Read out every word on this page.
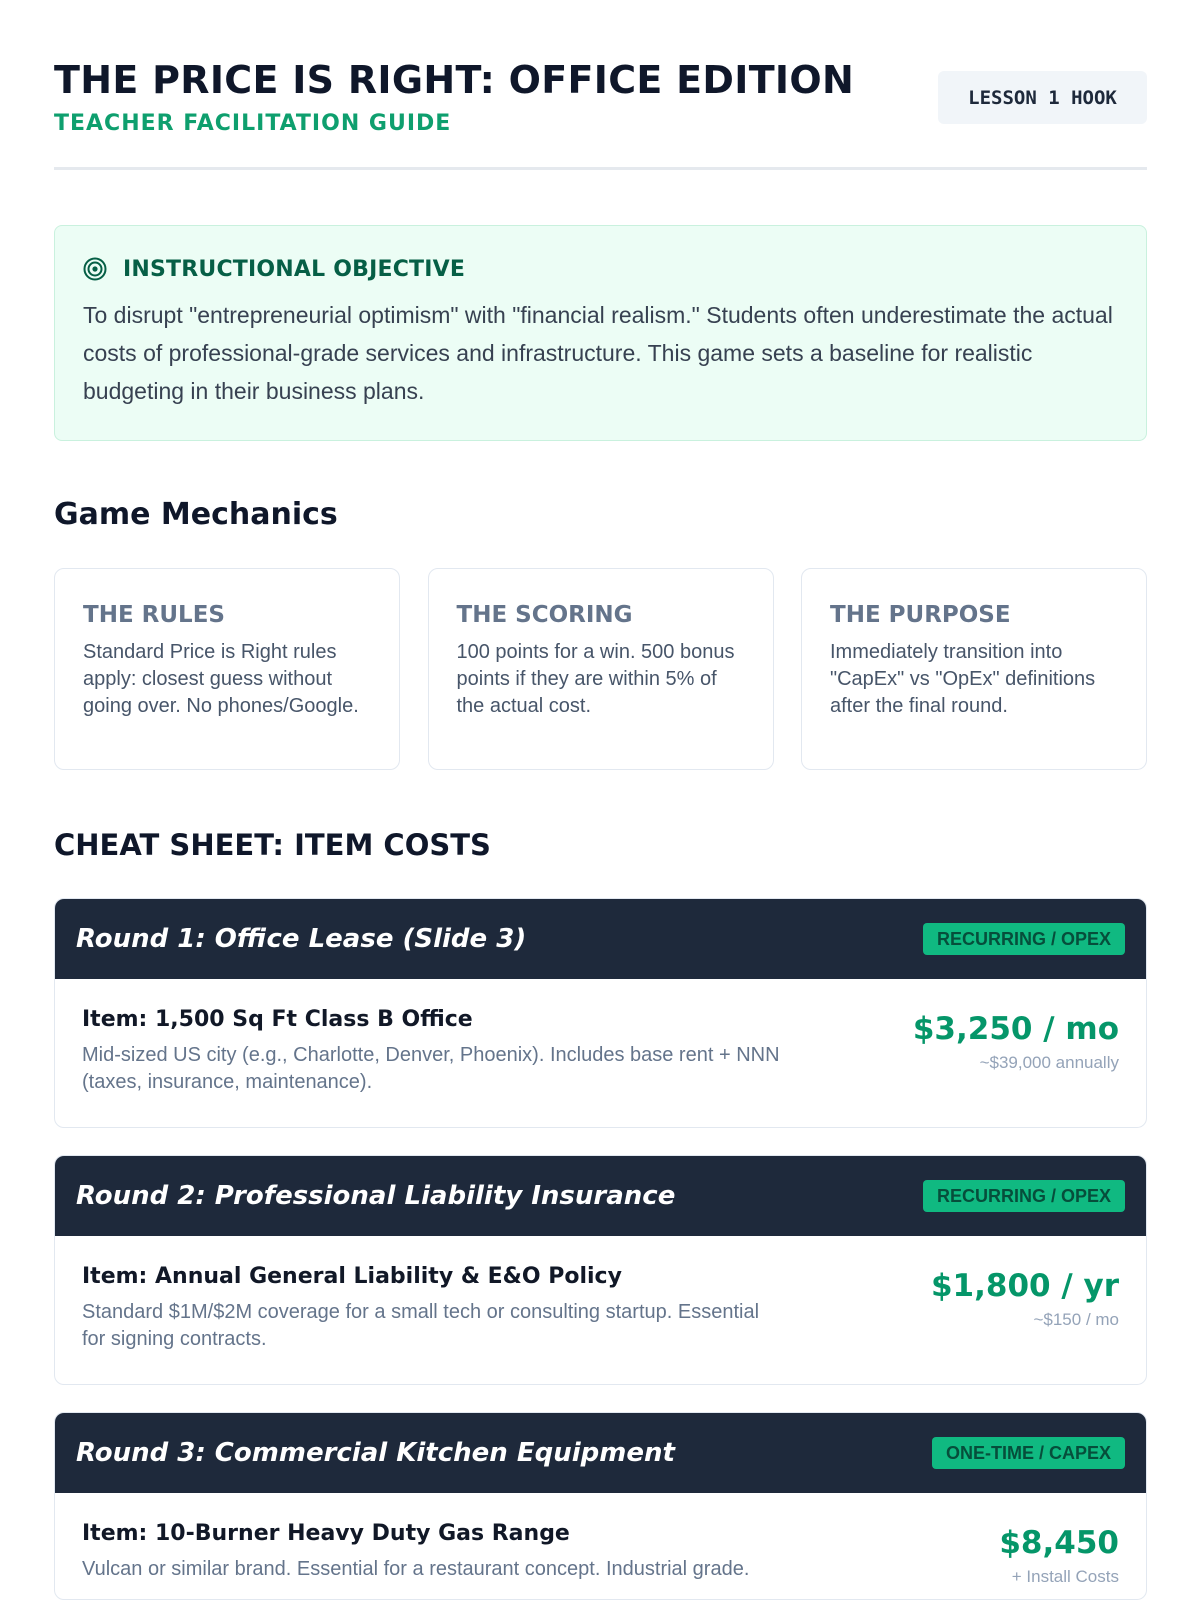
THE PRICE IS RIGHT: OFFICE EDITION
TEACHER FACILITATION GUIDE
LESSON 1 HOOK
INSTRUCTIONAL OBJECTIVE

To disrupt "entrepreneurial optimism" with "financial realism." Students often underestimate the actual costs of professional-grade services and infrastructure. This game sets a baseline for realistic budgeting in their business plans.

Game Mechanics
THE RULES
Standard Price is Right rules apply: closest guess without going over. No phones/Google.
THE SCORING
100 points for a win. 500 bonus points if they are within 5% of the actual cost.
THE PURPOSE
Immediately transition into "CapEx" vs "OpEx" definitions after the final round.
CHEAT SHEET: ITEM COSTS
Round 1: Office Lease (Slide 3)	RECURRING / OPEX
Item: 1,500 Sq Ft Class B Office
Mid-sized US city (e.g., Charlotte, Denver, Phoenix). Includes base rent + NNN (taxes, insurance, maintenance).
$3,250 / mo
~$39,000 annually
Round 2: Professional Liability Insurance	RECURRING / OPEX
Item: Annual General Liability & E&O Policy
Standard $1M/$2M coverage for a small tech or consulting startup. Essential for signing contracts.
$1,800 / yr
~$150 / mo
Round 3: Commercial Kitchen Equipment	ONE-TIME / CAPEX
Item: 10-Burner Heavy Duty Gas Range
Vulcan or similar brand. Essential for a restaurant concept. Industrial grade.
$8,450
+ Install Costs
